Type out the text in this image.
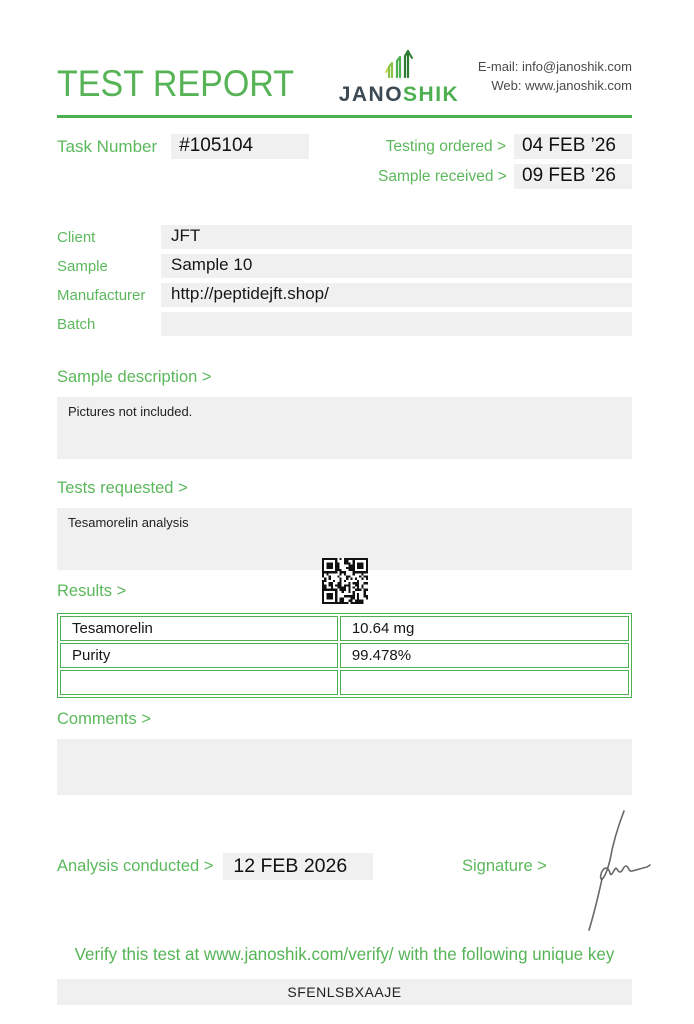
TEST REPORT JANOSHIK
E-mail: info@janoshik.com
Web: www.janoshik.com
Task Number	#105104	Testing ordered > 04 FEB ’26
Sample received > 09 FEB ’26
Client	JFT
Sample	Sample 10
Manufacturer	http://peptidejft.shop/
Batch
Sample description >
Pictures not included.
Tests requested >
Tesamorelin analysis
Results >
Tesamorelin	10.64 mg
Purity	99.478%

Comments >
Analysis conducted >	12 FEB 2026	Signature >
Verify this test at www.janoshik.com/verify/ with the following unique key
SFENLSBXAAJE
